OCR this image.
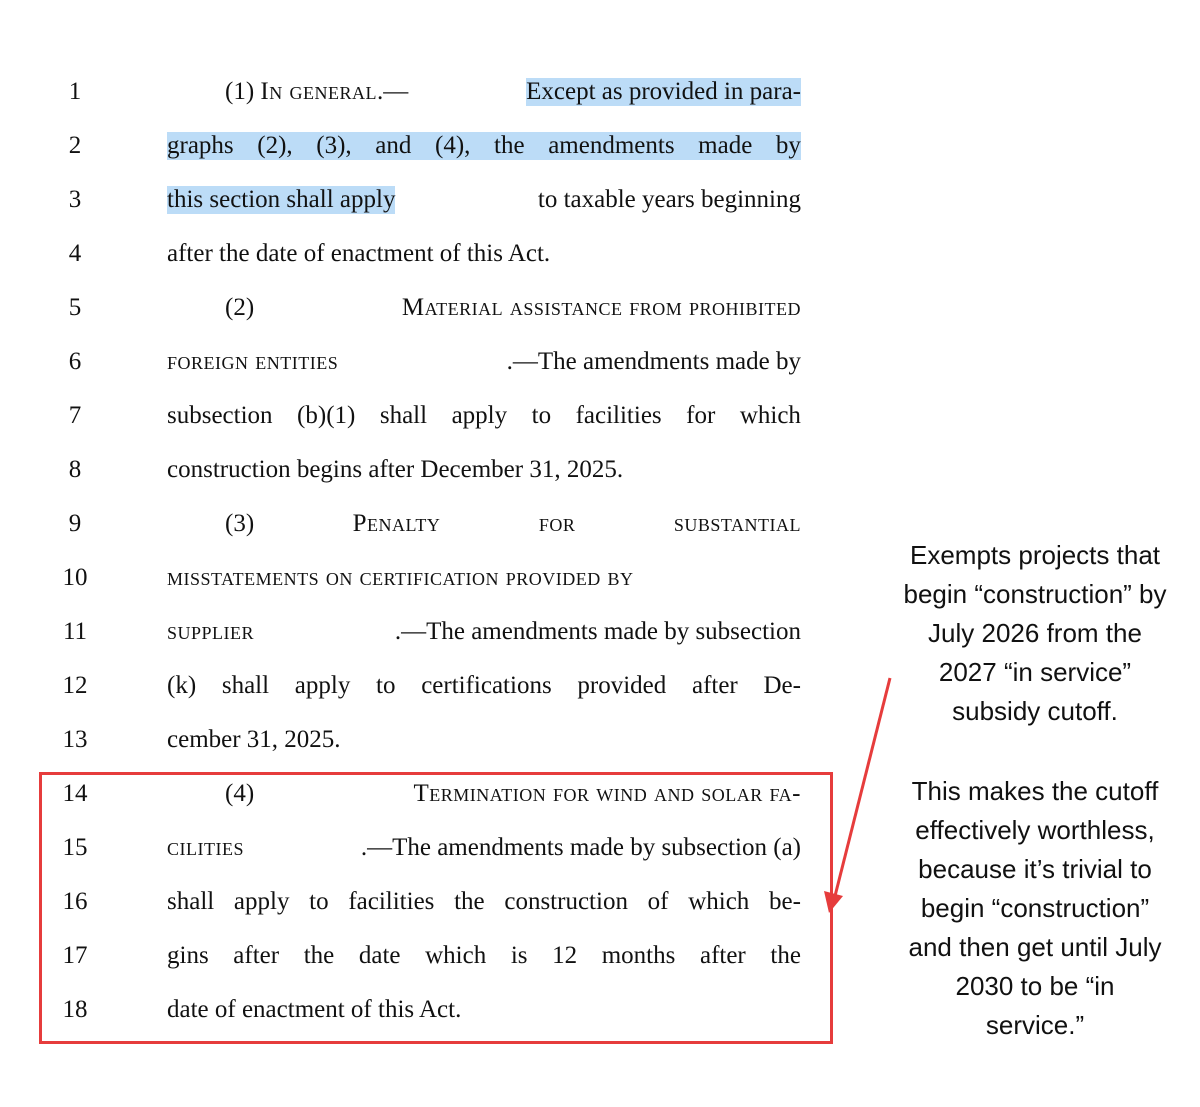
1	(1) In general.—	Except as provided in para-
2	graphs (2), (3), and (4), the amendments made by
3	this section shall apply	to taxable years beginning
4	after the date of enactment of this Act.
5	(2)	Material assistance from prohibited
6	foreign entities	.—The amendments made by
7	subsection (b)(1) shall apply to facilities for which
8	construction begins after December 31, 2025.
9	(3)	Penalty	for	substantial
10	misstatements on certification provided by
11	supplier	.—The amendments made by subsection
12	(k) shall apply to certifications provided after De-
13	cember 31, 2025.
14	(4)	Termination for wind and solar fa-
15	cilities	.—The amendments made by subsection (a)
16	shall apply to facilities the construction of which be-
17	gins after the date which is 12 months after the
18	date of enactment of this Act.
Exempts projects that
begin “construction” by
July 2026 from the
2027 “in service”
subsidy cutoff.
This makes the cutoff
effectively worthless,
because it’s trivial to
begin “construction”
and then get until July
2030 to be “in
service.”
